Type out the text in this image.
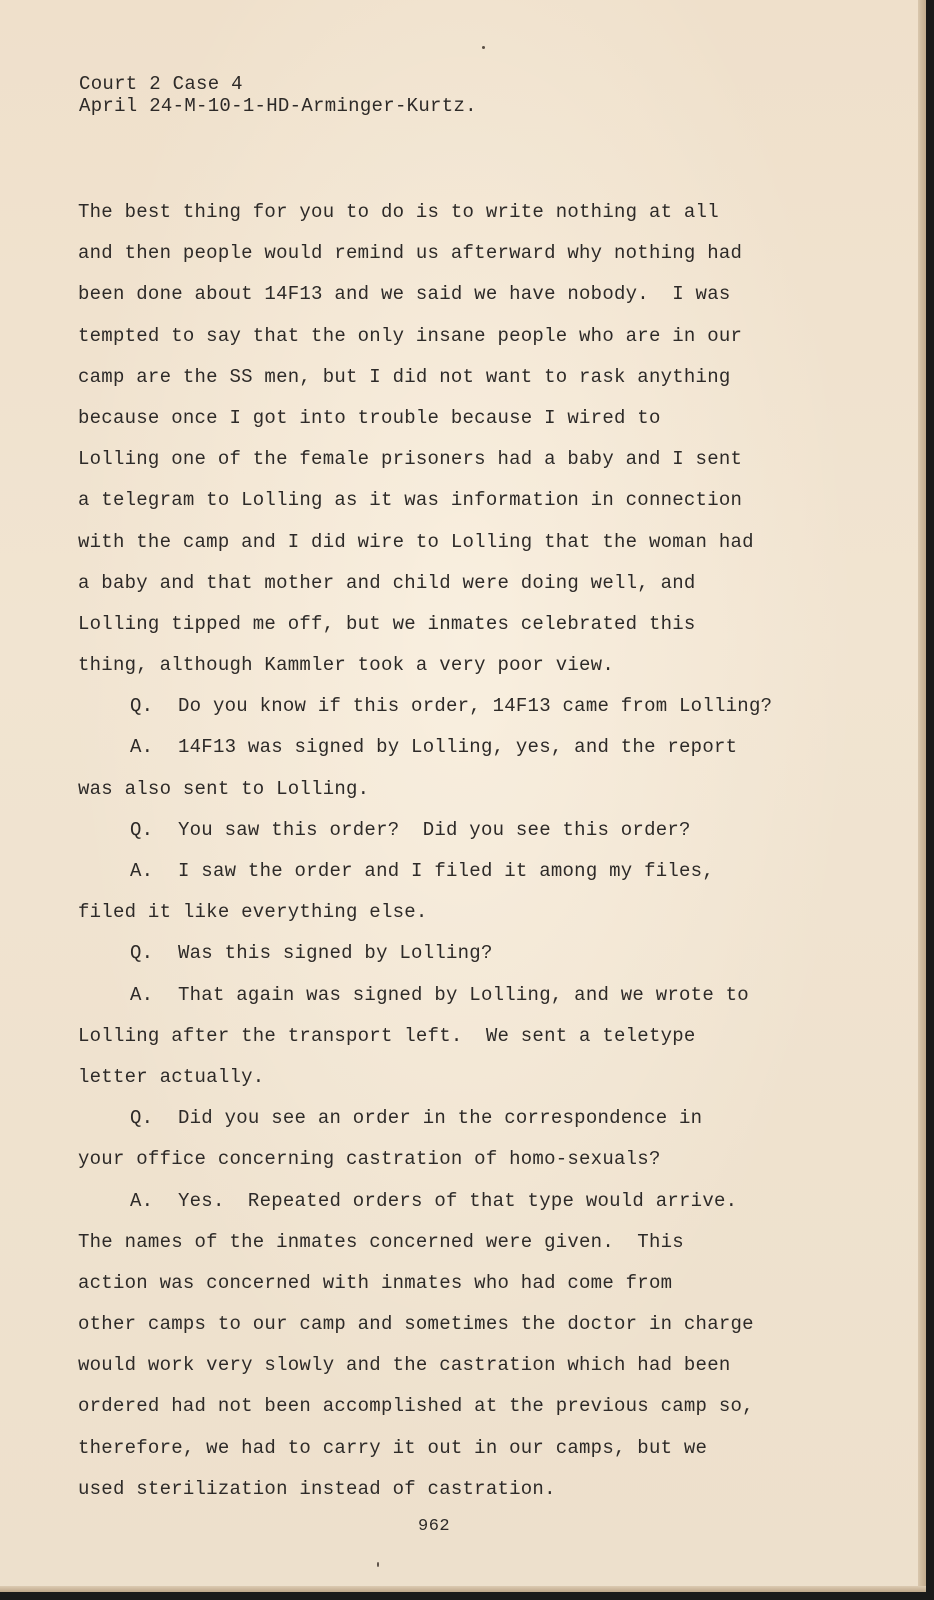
Court 2 Case 4
April 24-M-10-1-HD-Arminger-Kurtz.
The best thing for you to do is to write nothing at all
and then people would remind us afterward why nothing had
been done about 14F13 and we said we have nobody.  I was
tempted to say that the only insane people who are in our
camp are the SS men, but I did not want to rask anything
because once I got into trouble because I wired to
Lolling one of the female prisoners had a baby and I sent
a telegram to Lolling as it was information in connection
with the camp and I did wire to Lolling that the woman had
a baby and that mother and child were doing well, and
Lolling tipped me off, but we inmates celebrated this
thing, although Kammler took a very poor view.
Q. Do you know if this order, 14F13 came from Lolling?
A. 14F13 was signed by Lolling, yes, and the report
was also sent to Lolling.
Q. You saw this order?  Did you see this order?
A. I saw the order and I filed it among my files,
filed it like everything else.
Q. Was this signed by Lolling?
A. That again was signed by Lolling, and we wrote to
Lolling after the transport left.  We sent a teletype
letter actually.
Q. Did you see an order in the correspondence in
your office concerning castration of homo-sexuals?
A. Yes.  Repeated orders of that type would arrive.
The names of the inmates concerned were given.  This
action was concerned with inmates who had come from
other camps to our camp and sometimes the doctor in charge
would work very slowly and the castration which had been
ordered had not been accomplished at the previous camp so,
therefore, we had to carry it out in our camps, but we
used sterilization instead of castration.
962
